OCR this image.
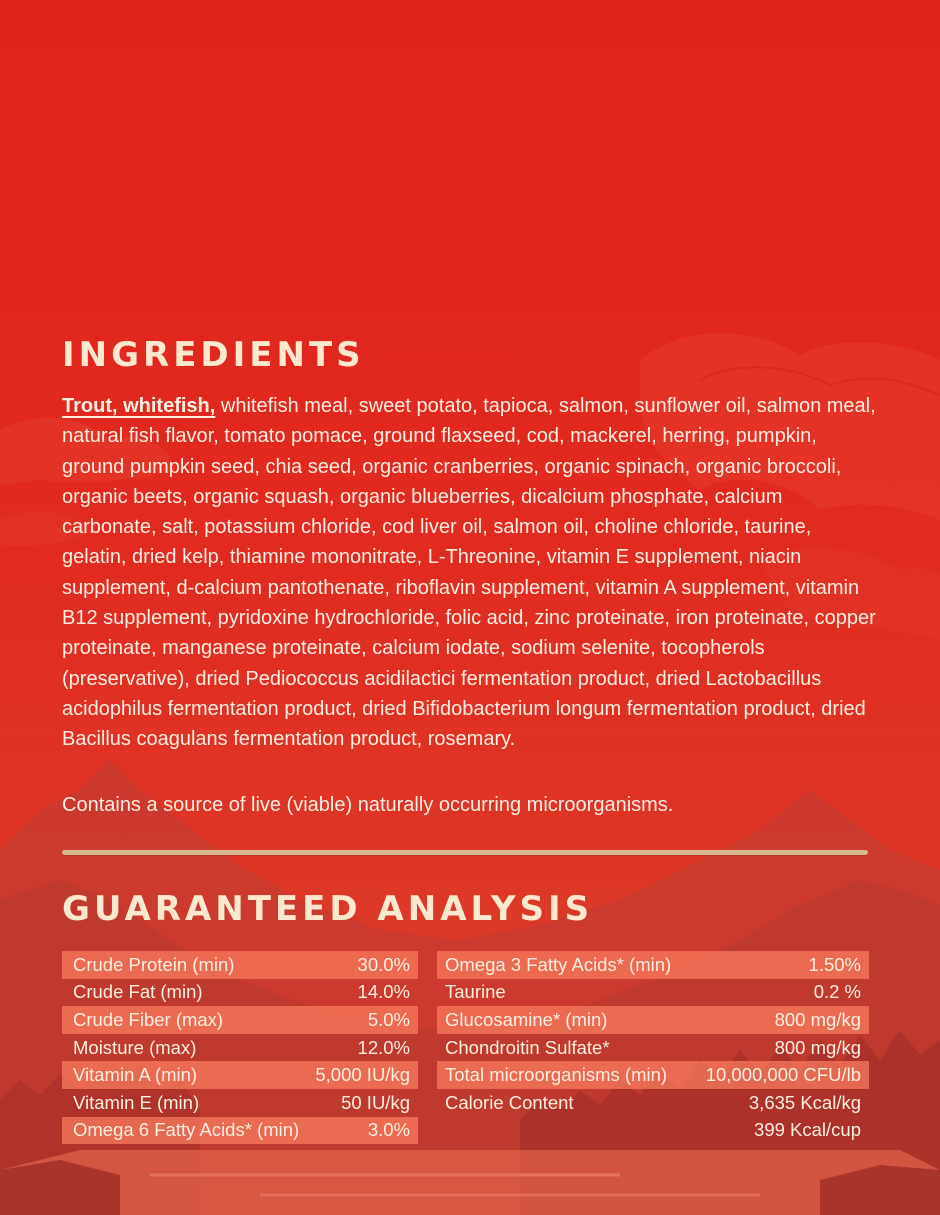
INGREDIENTS

Trout, whitefish, whitefish meal, sweet potato, tapioca, salmon, sunflower oil, salmon meal, natural fish flavor, tomato pomace, ground flaxseed, cod, mackerel, herring, pumpkin, ground pumpkin seed, chia seed, organic cranberries, organic spinach, organic broccoli, organic beets, organic squash, organic blueberries, dicalcium phosphate, calcium carbonate, salt, potassium chloride, cod liver oil, salmon oil, choline chloride, taurine, gelatin, dried kelp, thiamine mononitrate, L-Threonine, vitamin E supplement, niacin supplement, d-calcium pantothenate, riboflavin supplement, vitamin A supplement, vitamin B12 supplement, pyridoxine hydrochloride, folic acid, zinc proteinate, iron proteinate, copper proteinate, manganese proteinate, calcium iodate, sodium selenite, tocopherols (preservative), dried Pediococcus acidilactici fermentation product, dried Lactobacillus acidophilus fermentation product, dried Bifidobacterium longum fermentation product, dried Bacillus coagulans fermentation product, rosemary.

Contains a source of live (viable) naturally occurring microorganisms.

GUARANTEED ANALYSIS
Crude Protein (min)	30.0%
Crude Fat (min)	14.0%
Crude Fiber (max)	5.0%
Moisture (max)	12.0%
Vitamin A (min)	5,000 IU/kg
Vitamin E (min)	50 IU/kg
Omega 6 Fatty Acids* (min)	3.0%
Omega 3 Fatty Acids* (min)	1.50%
Taurine	0.2 %
Glucosamine* (min)	800 mg/kg
Chondroitin Sulfate*	800 mg/kg
Total microorganisms (min) 10,000,000 CFU/lb
Calorie Content	3,635 Kcal/kg
399 Kcal/cup
